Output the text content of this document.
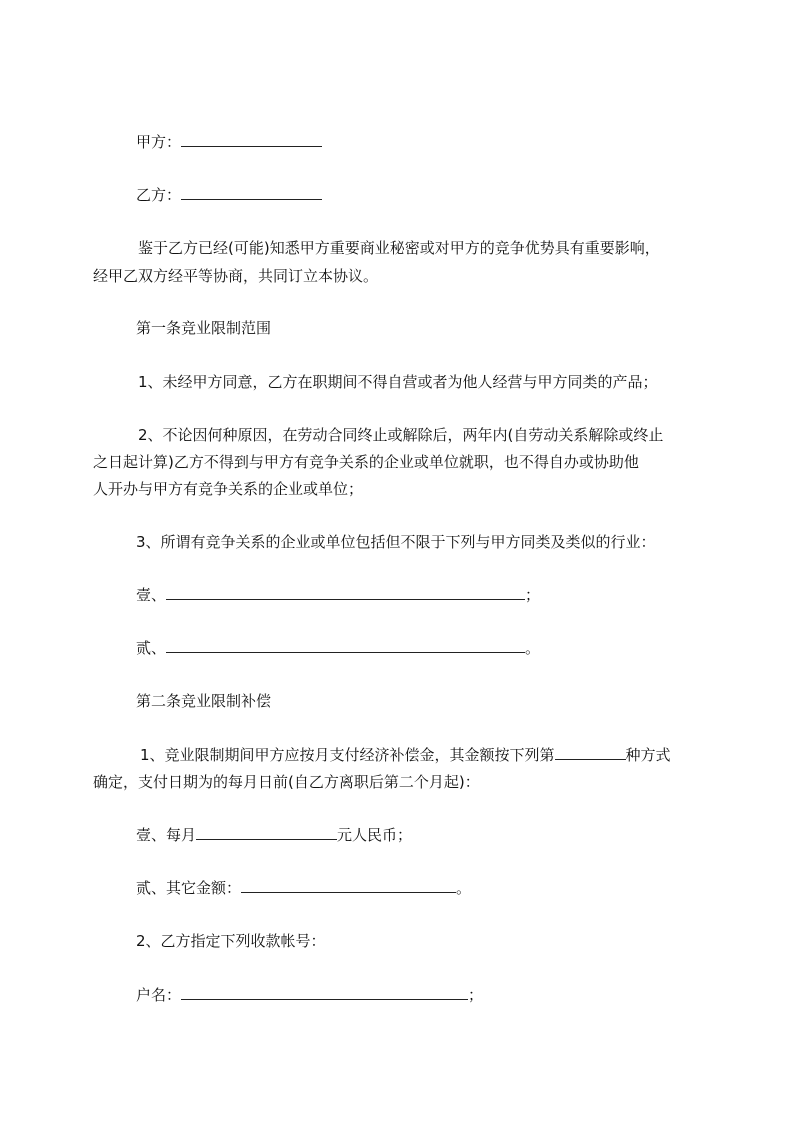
甲方：
乙方：
鉴于乙方已经(可能)知悉甲方重要商业秘密或对甲方的竞争优势具有重要影响，
经甲乙双方经平等协商，共同订立本协议。
第一条竞业限制范围
1、未经甲方同意，乙方在职期间不得自营或者为他人经营与甲方同类的产品；
2、不论因何种原因，在劳动合同终止或解除后，两年内(自劳动关系解除或终止
之日起计算)乙方不得到与甲方有竞争关系的企业或单位就职，也不得自办或协助他
人开办与甲方有竞争关系的企业或单位；
3、所谓有竞争关系的企业或单位包括但不限于下列与甲方同类及类似的行业：
壹、	；
贰、	。
第二条竞业限制补偿
1、竞业限制期间甲方应按月支付经济补偿金，其金额按下列第	种方式
确定，支付日期为的每月日前(自乙方离职后第二个月起)：
壹、每月	元人民币；
贰、其它金额：	。
2、乙方指定下列收款帐号：
户名：	；
